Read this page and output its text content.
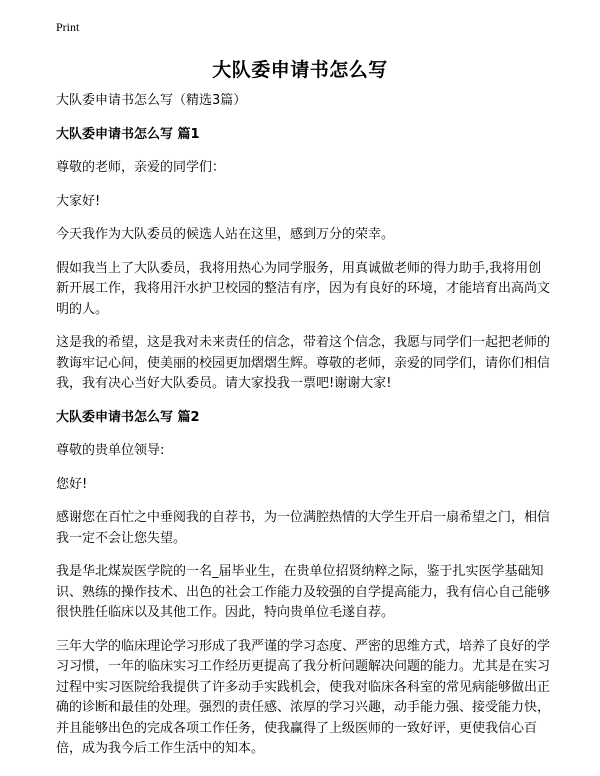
Print
大队委申请书怎么写

大队委申请书怎么写（精选3篇）

大队委申请书怎么写 篇1

尊敬的老师，亲爱的同学们：

大家好!

今天我作为大队委员的候选人站在这里，感到万分的荣幸。

假如我当上了大队委员，我将用热心为同学服务，用真诚做老师的得力助手,我将用创新开展工作，我将用汗水护卫校园的整洁有序，因为有良好的环境，才能培育出高尚文明的人。

这是我的希望，这是我对未来责任的信念，带着这个信念，我愿与同学们一起把老师的教诲牢记心间，使美丽的校园更加熠熠生辉。尊敬的老师，亲爱的同学们，请你们相信我，我有决心当好大队委员。请大家投我一票吧!谢谢大家!

大队委申请书怎么写 篇2

尊敬的贵单位领导:

您好!

感谢您在百忙之中垂阅我的自荐书，为一位满腔热情的大学生开启一扇希望之门，相信我一定不会让您失望。

我是华北煤炭医学院的一名_届毕业生，在贵单位招贤纳粹之际，鉴于扎实医学基础知识、熟练的操作技术、出色的社会工作能力及较强的自学提高能力，我有信心自己能够很快胜任临床以及其他工作。因此，特向贵单位毛遂自荐。

三年大学的临床理论学习形成了我严谨的学习态度、严密的思维方式，培养了良好的学习习惯，一年的临床实习工作经历更提高了我分析问题解决问题的能力。尤其是在实习过程中实习医院给我提供了许多动手实践机会，使我对临床各科室的常见病能够做出正确的诊断和最佳的处理。强烈的责任感、浓厚的学习兴趣，动手能力强、接受能力快，并且能够出色的完成各项工作任务，使我赢得了上级医师的一致好评，更使我信心百倍，成为我今后工作生活中的知本。
